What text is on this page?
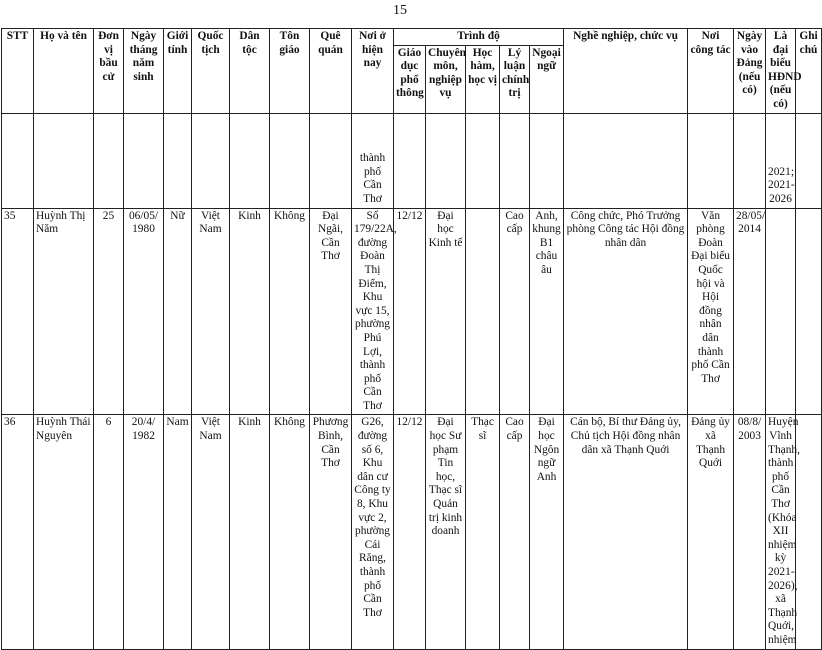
15
STT	Họ và tên	Đơn vị bầu cử	Ngày tháng năm sinh	Giới tính	Quốc tịch	Dân tộc	Tôn giáo	Quê quán	Nơi ở hiện nay	Trình độ					Nghề nghiệp, chức vụ	Nơi công tác	Ngày vào Đảng (nếu có)	Là đại biểu HĐND (nếu có)	Ghi chú
										Giáo dục phổ thông	Chuyên môn, nghiệp vụ	Học hàm, học vị	Lý luận chính trị	Ngoại ngữ					
									thành phố Cần Thơ									2021; 2021-2026	
35	Huỳnh Thị Năm	25	06/05/ 1980	Nữ	Việt Nam	Kinh	Không	Đại Ngãi, Cần Thơ	Số 179/22A, đường Đoàn Thị Điểm, Khu vực 15, phường Phú Lợi, thành phố Cần Thơ	12/12	Đại học Kinh tế		Cao cấp	Anh, khung B1 châu âu	Công chức, Phó Trưởng phòng Công tác Hội đồng nhân dân	Văn phòng Đoàn Đại biểu Quốc hội và Hội đồng nhân dân thành phố Cần Thơ	28/05/ 2014		
36	Huỳnh Thái Nguyên	6	20/4/ 1982	Nam	Việt Nam	Kinh	Không	Phương Bình, Cần Thơ	G26, đường số 6, Khu dân cư Công ty 8, Khu vực 2, phường Cái Răng, thành phố Cần Thơ	12/12	Đại học Sư phạm Tin học, Thạc sĩ Quản trị kinh doanh	Thạc sĩ	Cao cấp	Đại học Ngôn ngữ Anh	Cán bộ, Bí thư Đảng ủy, Chủ tịch Hội đồng nhân dân xã Thạnh Quới	Đảng ủy xã Thạnh Quới	08/8/ 2003	Huyện Vĩnh Thạnh, thành phố Cần Thơ (Khóa XII nhiệm kỳ 2021-2026), xã Thạnh Quới, nhiệm	
